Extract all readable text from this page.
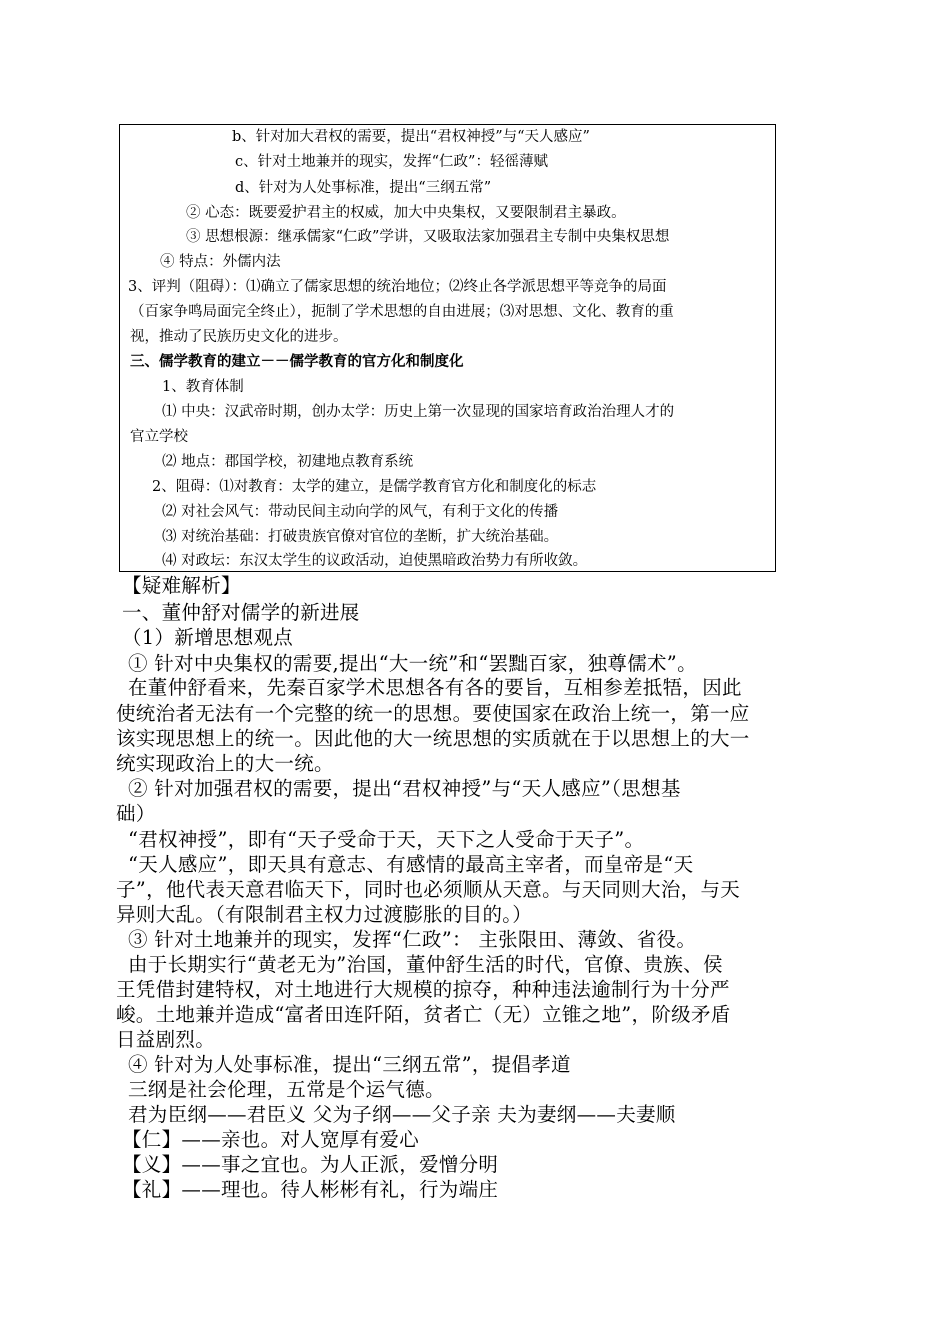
b、针对加大君权的需要，提出“君权神授”与“天人感应”
c、针对土地兼并的现实，发挥“仁政”：轻徭薄赋
d、针对为人处事标准，提出“三纲五常”
② 心态：既要爱护君主的权威，加大中央集权，又要限制君主暴政。
③ 思想根源：继承儒家“仁政”学讲，又吸取法家加强君主专制中央集权思想
④ 特点：外儒内法
3、评判（阻碍）：⑴确立了儒家思想的统治地位；⑵终止各学派思想平等竞争的局面
（百家争鸣局面完全终止），扼制了学术思想的自由进展；⑶对思想、文化、教育的重
视，推动了民族历史文化的进步。
三、儒学教育的建立－－儒学教育的官方化和制度化
1、教育体制
⑴ 中央：汉武帝时期，创办太学：历史上第一次显现的国家培育政治治理人才的
官立学校
⑵ 地点：郡国学校，初建地点教育系统
2、阻碍：⑴对教育：太学的建立，是儒学教育官方化和制度化的标志
⑵ 对社会风气：带动民间主动向学的风气，有利于文化的传播
⑶ 对统治基础：打破贵族官僚对官位的垄断，扩大统治基础。
⑷ 对政坛：东汉太学生的议政活动，迫使黑暗政治势力有所收敛。
【疑难解析】
一、董仲舒对儒学的新进展
（1）新增思想观点
① 针对中央集权的需要,提出“大一统”和“罢黜百家，独尊儒术”。
在董仲舒看来，先秦百家学术思想各有各的要旨，互相参差抵牾，因此
使统治者无法有一个完整的统一的思想。要使国家在政治上统一，第一应
该实现思想上的统一。因此他的大一统思想的实质就在于以思想上的大一
统实现政治上的大一统。
② 针对加强君权的需要，提出“君权神授”与“天人感应”（思想基
础）
“君权神授”，即有“天子受命于天，天下之人受命于天子”。
“天人感应”，即天具有意志、有感情的最高主宰者，而皇帝是“天
子”，他代表天意君临天下，同时也必须顺从天意。与天同则大治，与天
异则大乱。（有限制君主权力过渡膨胀的目的。）
③ 针对土地兼并的现实，发挥“仁政”： 主张限田、薄敛、省役。
由于长期实行“黄老无为”治国，董仲舒生活的时代，官僚、贵族、侯
王凭借封建特权，对土地进行大规模的掠夺，种种违法逾制行为十分严
峻。土地兼并造成“富者田连阡陌，贫者亡（无）立锥之地”，阶级矛盾
日益剧烈。
④ 针对为人处事标准，提出“三纲五常”，提倡孝道
三纲是社会伦理，五常是个运气德。
君为臣纲——君臣义 父为子纲——父子亲 夫为妻纲——夫妻顺
【仁】——亲也。对人宽厚有爱心
【义】——事之宜也。为人正派，爱憎分明
【礼】——理也。待人彬彬有礼，行为端庄
